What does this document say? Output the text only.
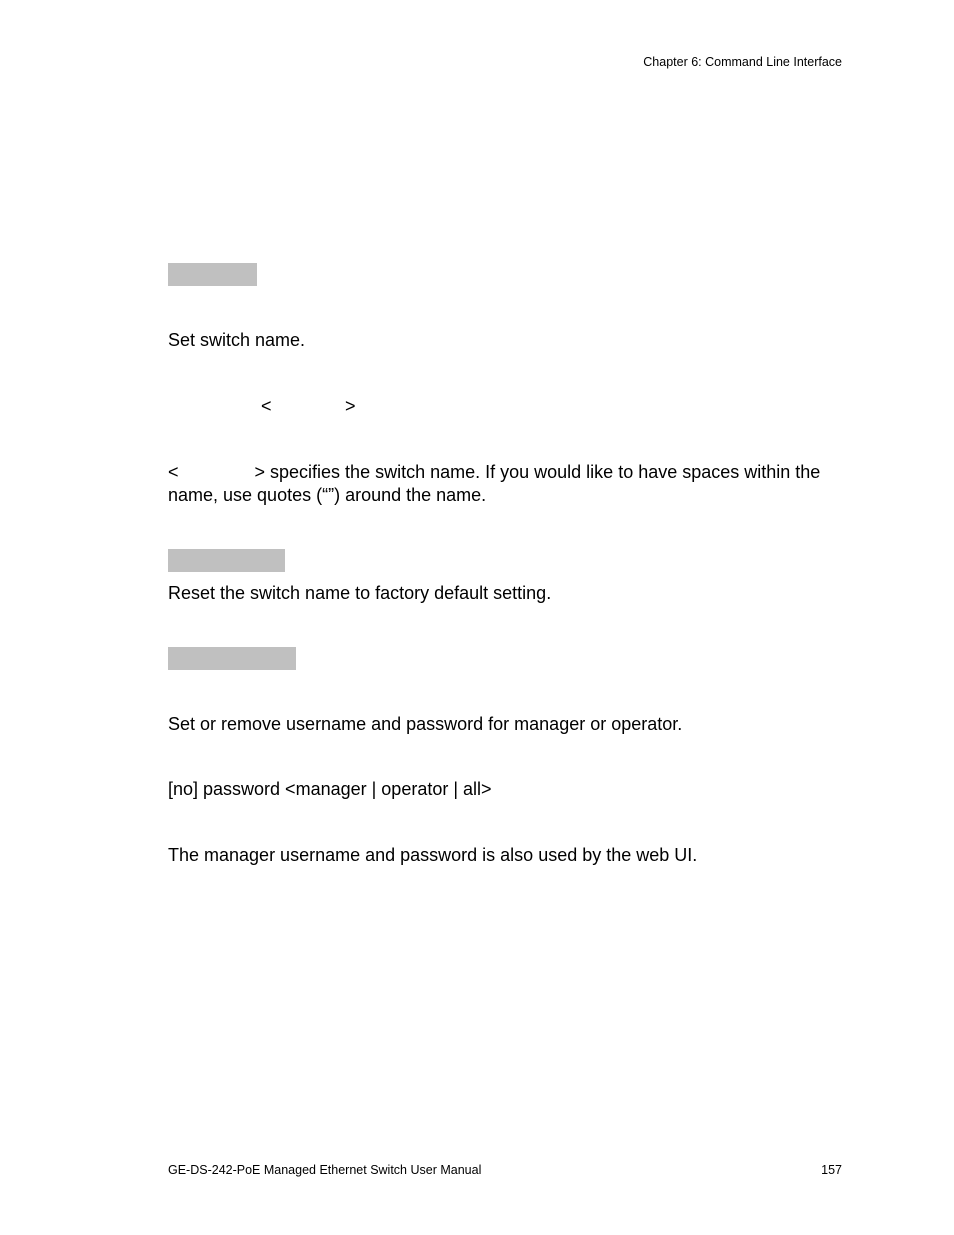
Chapter 6: Command Line Interface
Set switch name.
<	>
<	> specifies the switch name. If you would like to have spaces within the name, use quotes (“”) around the name.
Reset the switch name to factory default setting.
Set or remove username and password for manager or operator.
[no] password <manager | operator | all>
The manager username and password is also used by the web UI.
GE-DS-242-PoE Managed Ethernet Switch User Manual	157
